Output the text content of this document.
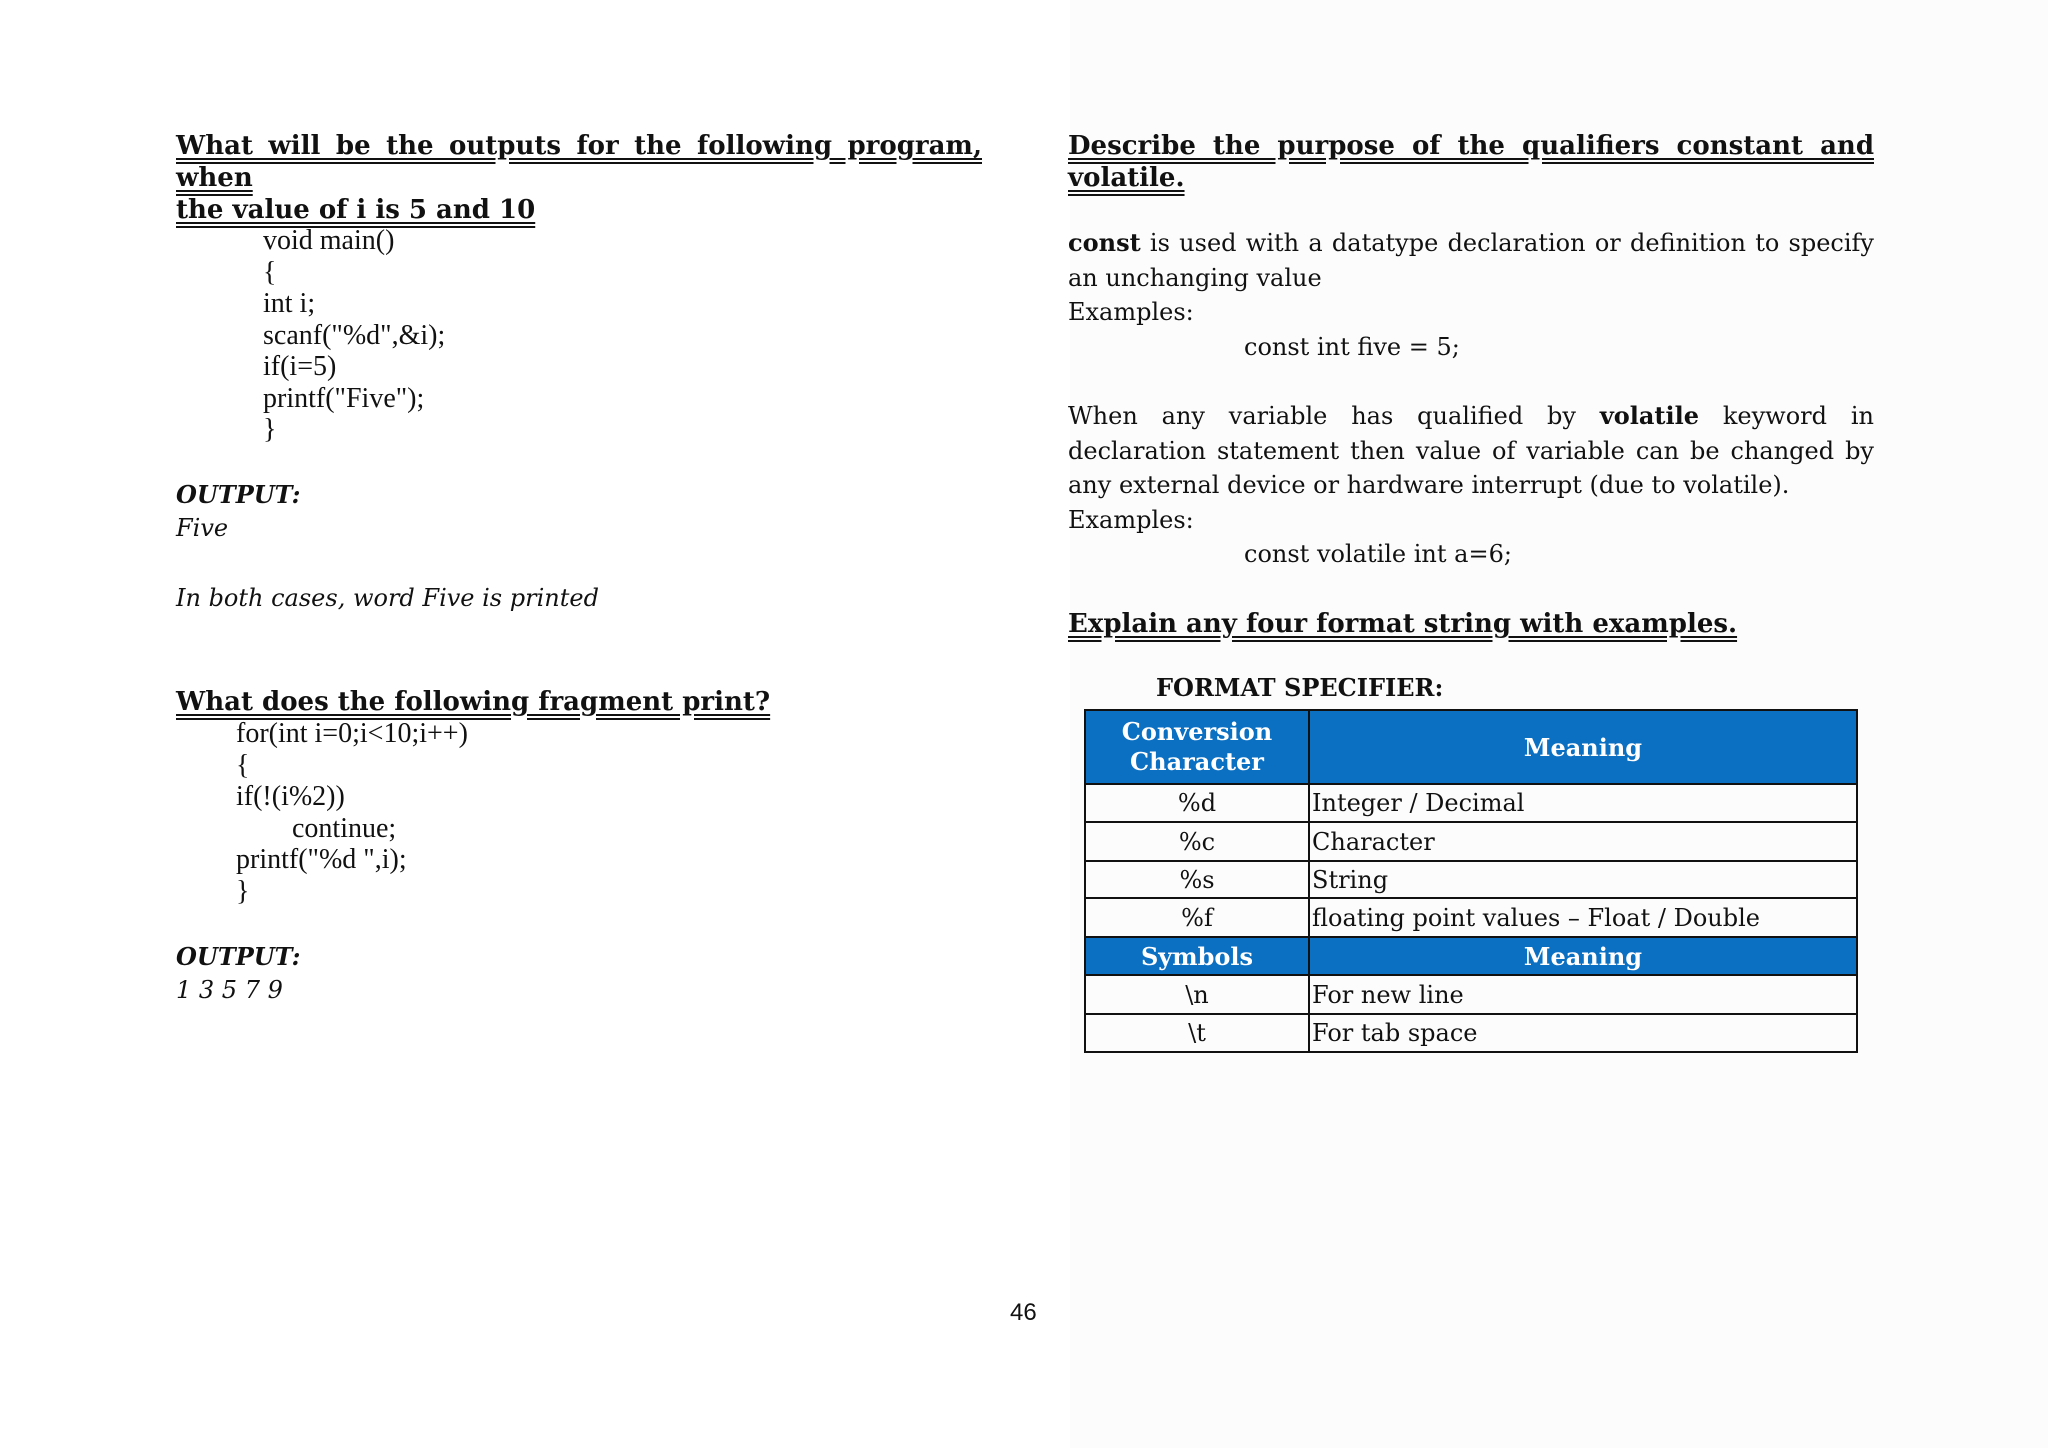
What will be the outputs for the following program, when

the value of i is 5 and 10

void main()
{
int i;
scanf("%d",&i);
if(i=5)
printf("Five");
}
OUTPUT:
Five
In both cases, word Five is printed

What does the following fragment print?

for(int i=0;i<10;i++)
{
if(!(i%2))
continue;
printf("%d ",i);
}
OUTPUT:
1 3 5 7 9

Describe the purpose of the qualifiers constant and

volatile.

const is used with a datatype declaration or definition to specify

an unchanging value

Examples:

const int five = 5;

When any variable has qualified by volatile keyword in

declaration statement then value of variable can be changed by

any external device or hardware interrupt (due to volatile).

Examples:

const volatile int a=6;

Explain any four format string with examples.

FORMAT SPECIFIER:
Conversion
Character	Meaning
%d	Integer / Decimal
%c	Character
%s	String
%f	floating point values – Float / Double
Symbols	Meaning
\n	For new line
\t	For tab space
46
